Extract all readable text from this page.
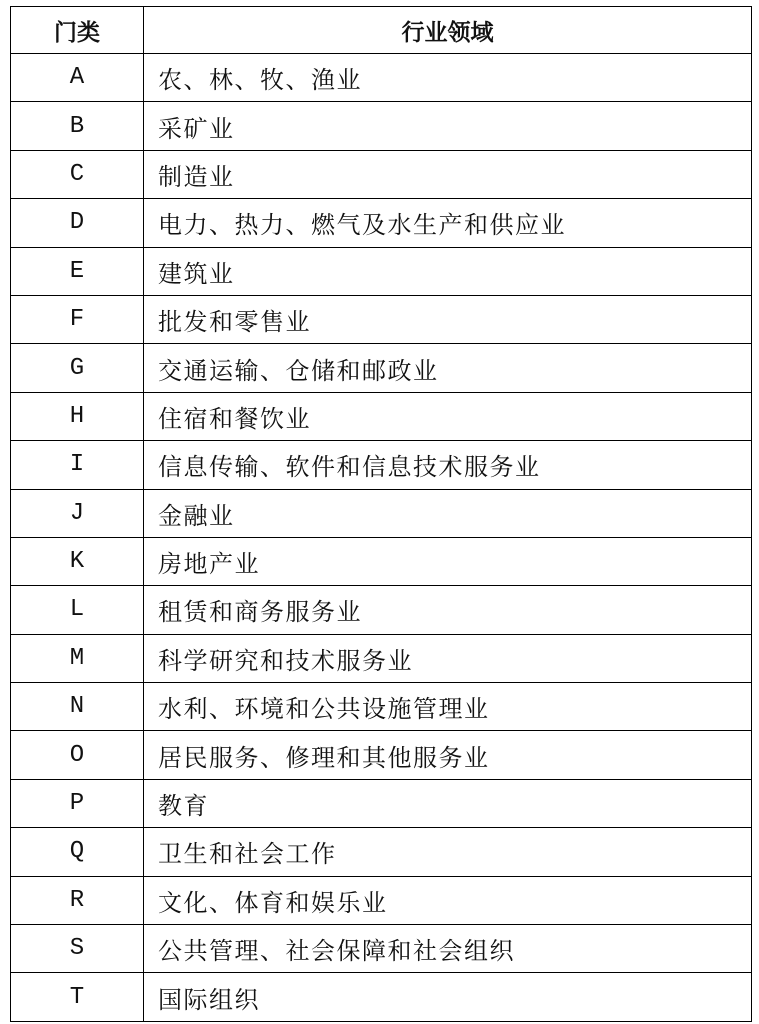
门类	行业领域
A	农、林、牧、渔业
B	采矿业
C	制造业
D	电力、热力、燃气及水生产和供应业
E	建筑业
F	批发和零售业
G	交通运输、仓储和邮政业
H	住宿和餐饮业
I	信息传输、软件和信息技术服务业
J	金融业
K	房地产业
L	租赁和商务服务业
M	科学研究和技术服务业
N	水利、环境和公共设施管理业
O	居民服务、修理和其他服务业
P	教育
Q	卫生和社会工作
R	文化、体育和娱乐业
S	公共管理、社会保障和社会组织
T	国际组织
